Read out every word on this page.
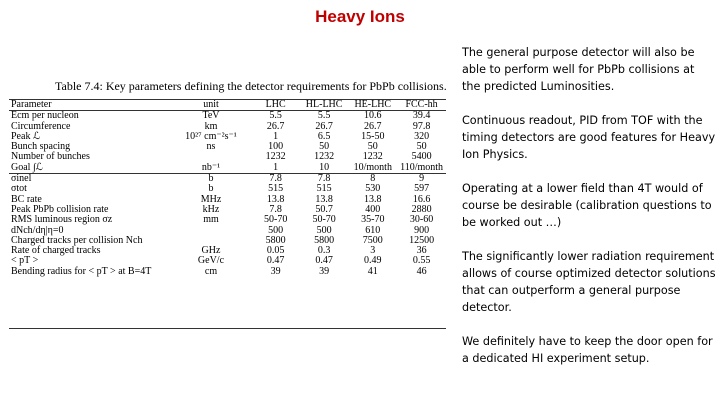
Heavy Ions
Table 7.4: Key parameters defining the detector requirements for PbPb collisions.
Parameter	unit	LHC	HL-LHC	HE-LHC	FCC-hh
Ecm per nucleon	TeV	5.5	5.5	10.6	39.4
Circumference	km	26.7	26.7	26.7	97.8
Peak ℒ	10²⁷ cm⁻²s⁻¹	1	6.5	15-50	320
Bunch spacing	ns	100	50	50	50
Number of bunches		1232	1232	1232	5400
Goal ∫ℒ	nb⁻¹	1	10	10/month	110/month
σinel	b	7.8	7.8	8	9
σtot	b	515	515	530	597
BC rate	MHz	13.8	13.8	13.8	16.6
Peak PbPb collision rate	kHz	7.8	50.7	400	2880
RMS luminous region σz	mm	50-70	50-70	35-70	30-60
dNch/dη|η=0		500	500	610	900
Charged tracks per collision Nch		5800	5800	7500	12500
Rate of charged tracks	GHz	0.05	0.3	3	36
< pT >	GeV/c	0.47	0.47	0.49	0.55
Bending radius for < pT > at B=4T	cm	39	39	41	46

The general purpose detector will also be able to perform well for PbPb collisions at the predicted Luminosities.

Continuous readout, PID from TOF with the timing detectors are good features for Heavy Ion Physics.

Operating at a lower field than 4T would of course be desirable (calibration questions to be worked out …)

The significantly lower radiation requirement allows of course optimized detector solutions that can outperform a general purpose detector.

We definitely have to keep the door open for a dedicated HI experiment setup.
